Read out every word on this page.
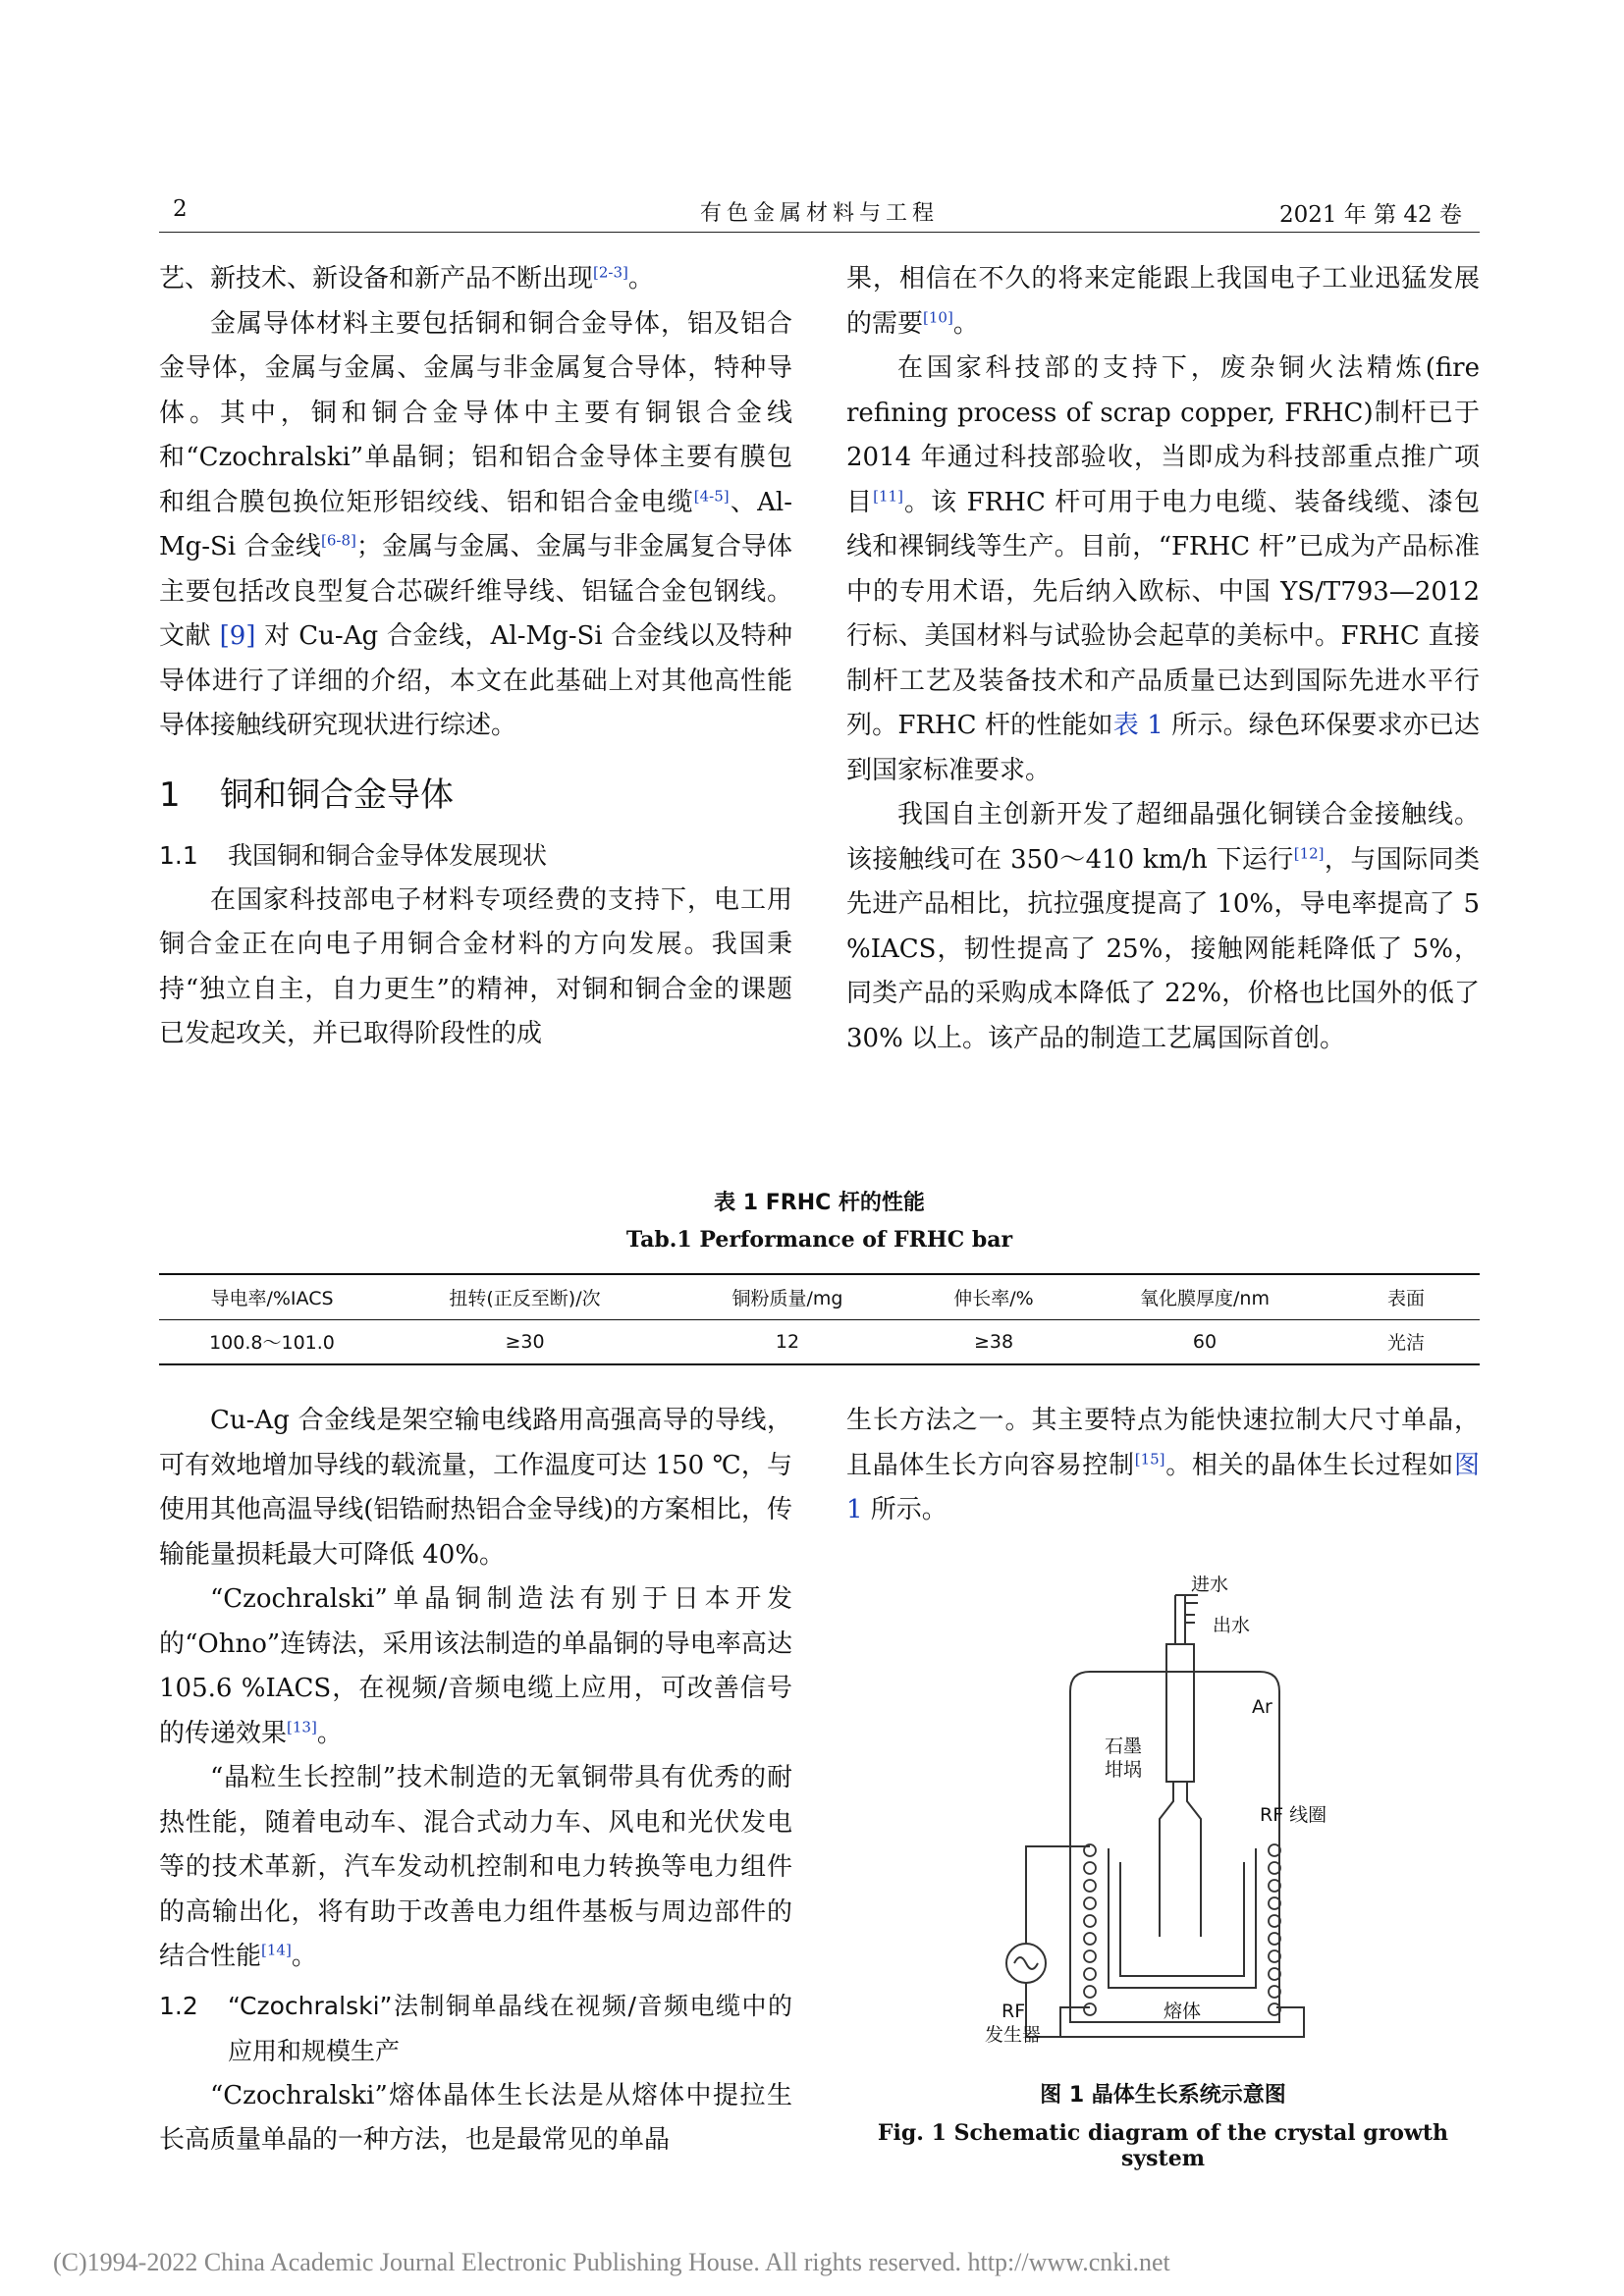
2	有色金属材料与工程	2021 年 第 42 卷

艺、新技术、新设备和新产品不断出现[2-3]。

金属导体材料主要包括铜和铜合金导体，铝及铝合金导体，金属与金属、金属与非金属复合导体，特种导体。其中，铜和铜合金导体中主要有铜银合金线和“Czochralski”单晶铜；铝和铝合金导体主要有膜包和组合膜包换位矩形铝绞线、铝和铝合金电缆[4-5]、Al-Mg-Si 合金线[6-8]；金属与金属、金属与非金属复合导体主要包括改良型复合芯碳纤维导线、铝锰合金包钢线。文献 [9] 对 Cu-Ag 合金线，Al-Mg-Si 合金线以及特种导体进行了详细的介绍，本文在此基础上对其他高性能导体接触线研究现状进行综述。

1 铜和铜合金导体
1.1 我国铜和铜合金导体发展现状

在国家科技部电子材料专项经费的支持下，电工用铜合金正在向电子用铜合金材料的方向发展。我国秉持“独立自主，自力更生”的精神，对铜和铜合金的课题已发起攻关，并已取得阶段性的成

果，相信在不久的将来定能跟上我国电子工业迅猛发展的需要[10]。

在国家科技部的支持下，废杂铜火法精炼(fire refining process of scrap copper, FRHC)制杆已于 2014 年通过科技部验收，当即成为科技部重点推广项目[11]。该 FRHC 杆可用于电力电缆、装备线缆、漆包线和裸铜线等生产。目前，“FRHC 杆”已成为产品标准中的专用术语，先后纳入欧标、中国 YS/T793—2012 行标、美国材料与试验协会起草的美标中。FRHC 直接制杆工艺及装备技术和产品质量已达到国际先进水平行列。FRHC 杆的性能如表 1 所示。绿色环保要求亦已达到国家标准要求。

我国自主创新开发了超细晶强化铜镁合金接触线。该接触线可在 350～410 km/h 下运行[12]，与国际同类先进产品相比，抗拉强度提高了 10%，导电率提高了 5 %IACS，韧性提高了 25%，接触网能耗降低了 5%，同类产品的采购成本降低了 22%，价格也比国外的低了 30% 以上。该产品的制造工艺属国际首创。

表 1 FRHC 杆的性能
Tab.1 Performance of FRHC bar
导电率/%IACS	扭转(正反至断)/次	铜粉质量/mg	伸长率/%	氧化膜厚度/nm	表面
100.8～101.0	≥30	12	≥38	60	光洁

Cu-Ag 合金线是架空输电线路用高强高导的导线，可有效地增加导线的载流量，工作温度可达 150 ℃，与使用其他高温导线(铝锆耐热铝合金导线)的方案相比，传输能量损耗最大可降低 40%。

“Czochralski”单晶铜制造法有别于日本开发的“Ohno”连铸法，采用该法制造的单晶铜的导电率高达 105.6 %IACS，在视频/音频电缆上应用，可改善信号的传递效果[13]。

“晶粒生长控制”技术制造的无氧铜带具有优秀的耐热性能，随着电动车、混合式动力车、风电和光伏发电等的技术革新，汽车发动机控制和电力转换等电力组件的高输出化，将有助于改善电力组件基板与周边部件的结合性能[14]。

1.2 “Czochralski”法制铜单晶线在视频/音频电缆中的应用和规模生产

“Czochralski”熔体晶体生长法是从熔体中提拉生长高质量单晶的一种方法，也是最常见的单晶

生长方法之一。其主要特点为能快速拉制大尺寸单晶，且晶体生长方向容易控制[15]。相关的晶体生长过程如图 1 所示。

进水
出水
Ar
石墨
坩埚
RF 线圈
RF
发生器
熔体
图 1 晶体生长系统示意图
Fig. 1 Schematic diagram of the crystal growth system
(C)1994-2022 China Academic Journal Electronic Publishing House. All rights reserved. http://www.cnki.net
